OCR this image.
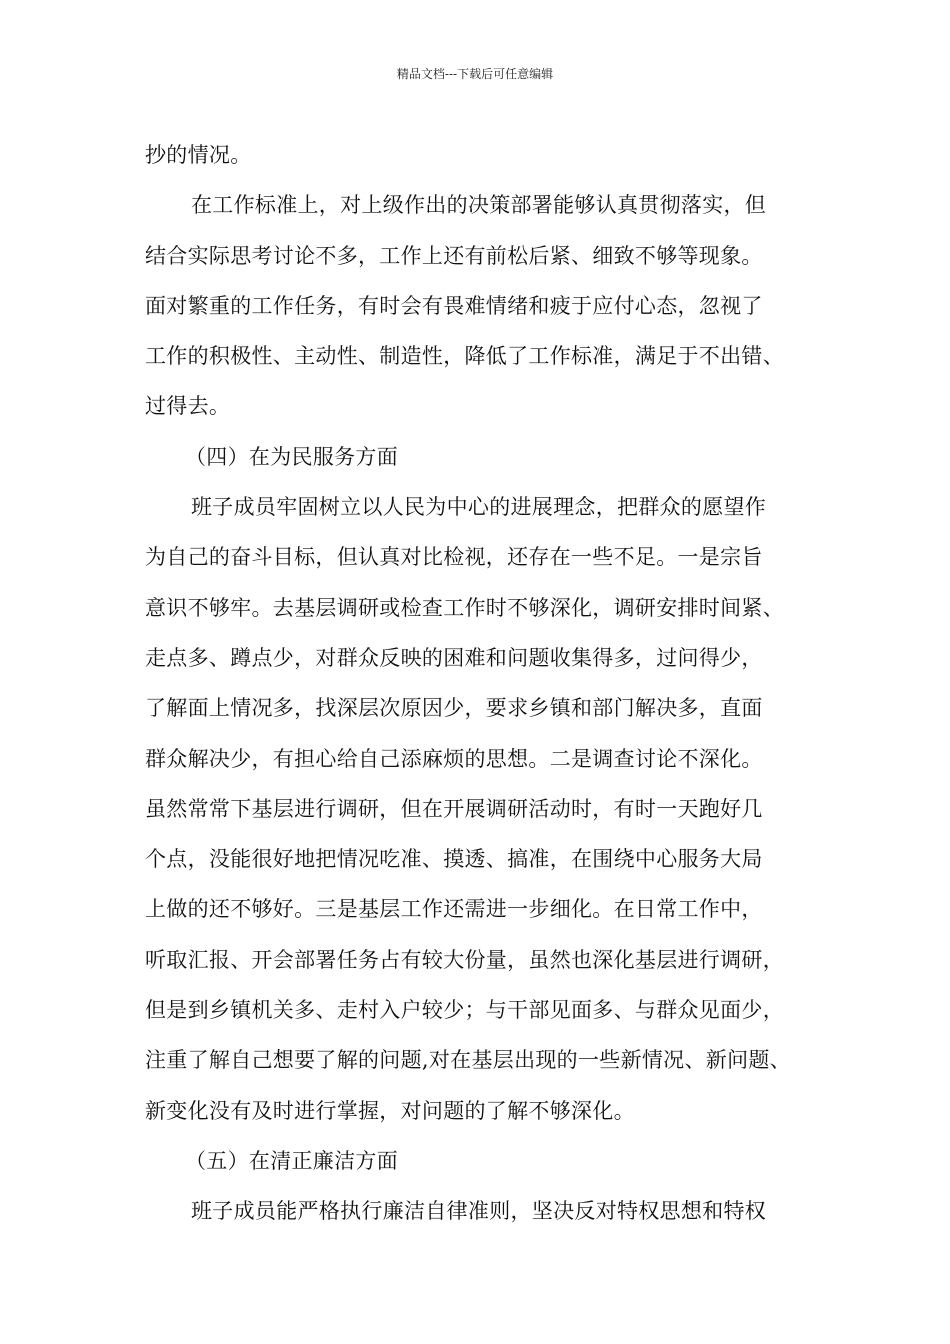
精品文档---下载后可任意编辑
抄的情况。
在工作标准上，对上级作出的决策部署能够认真贯彻落实，但
结合实际思考讨论不多，工作上还有前松后紧、细致不够等现象。
面对繁重的工作任务，有时会有畏难情绪和疲于应付心态，忽视了
工作的积极性、主动性、制造性，降低了工作标准，满足于不出错、
过得去。
（四）在为民服务方面
班子成员牢固树立以人民为中心的进展理念，把群众的愿望作
为自己的奋斗目标，但认真对比检视，还存在一些不足。一是宗旨
意识不够牢。去基层调研或检查工作时不够深化，调研安排时间紧、
走点多、蹲点少，对群众反映的困难和问题收集得多，过问得少，
了解面上情况多，找深层次原因少，要求乡镇和部门解决多，直面
群众解决少，有担心给自己添麻烦的思想。二是调查讨论不深化。
虽然常常下基层进行调研，但在开展调研活动时，有时一天跑好几
个点，没能很好地把情况吃准、摸透、搞准，在围绕中心服务大局
上做的还不够好。三是基层工作还需进一步细化。在日常工作中，
听取汇报、开会部署任务占有较大份量，虽然也深化基层进行调研，
但是到乡镇机关多、走村入户较少；与干部见面多、与群众见面少，
注重了解自己想要了解的问题,对在基层出现的一些新情况、新问题、
新变化没有及时进行掌握，对问题的了解不够深化。
（五）在清正廉洁方面
班子成员能严格执行廉洁自律准则，坚决反对特权思想和特权
